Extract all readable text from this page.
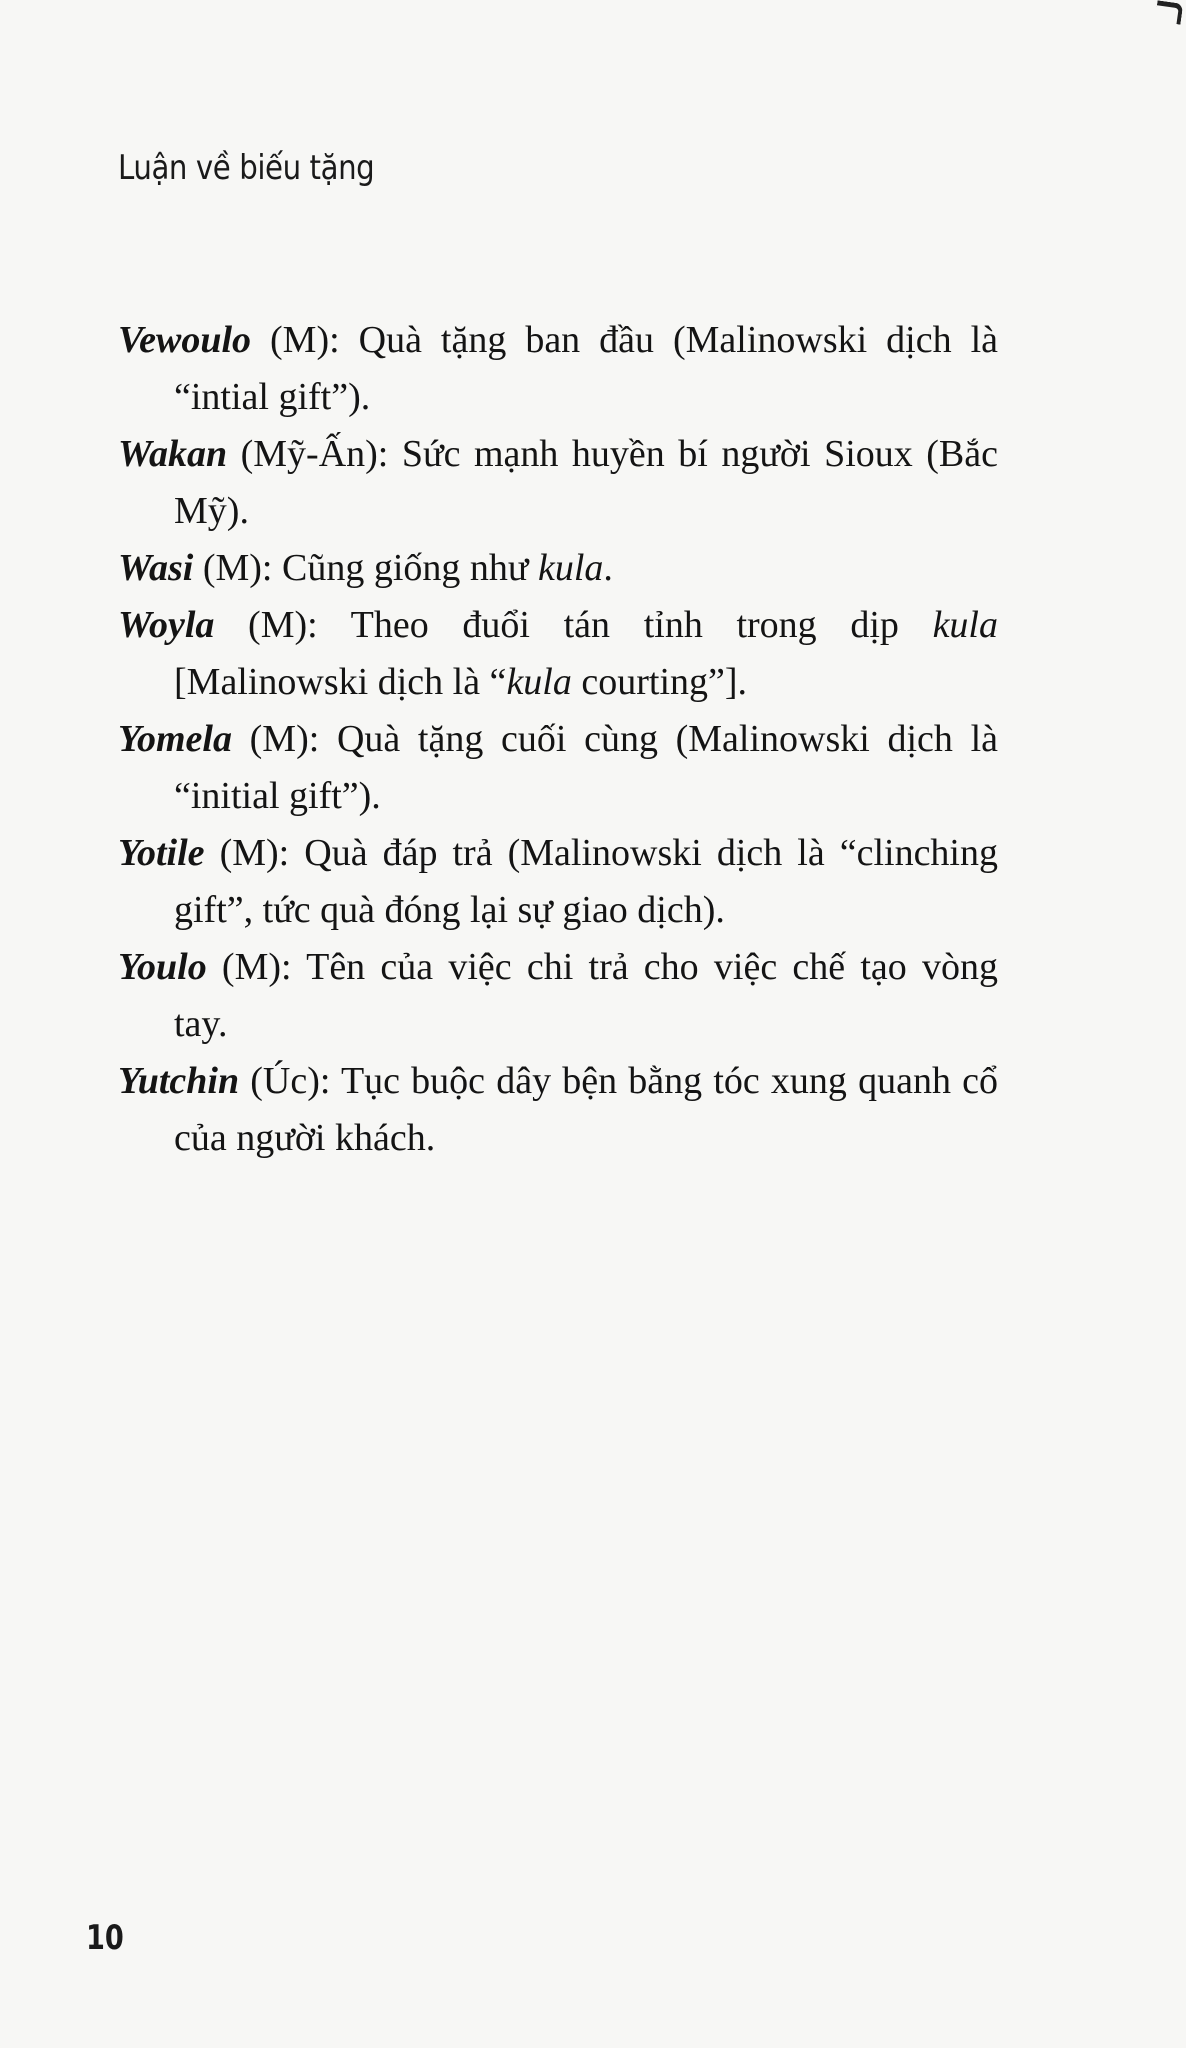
Luận về biếu tặng

Vewoulo (M): Quà tặng ban đầu (Malinowski dịch là “intial gift”).

Wakan (Mỹ-Ấn): Sức mạnh huyền bí người Sioux (Bắc Mỹ).

Wasi (M): Cũng giống như kula.

Woyla (M): Theo đuổi tán tỉnh trong dịp kula [Malinowski dịch là “kula courting”].

Yomela (M): Quà tặng cuối cùng (Malinowski dịch là “initial gift”).

Yotile (M): Quà đáp trả (Malinowski dịch là “clinching gift”, tức quà đóng lại sự giao dịch).

Youlo (M): Tên của việc chi trả cho việc chế tạo vòng tay.

Yutchin (Úc): Tục buộc dây bện bằng tóc xung quanh cổ của người khách.

10
